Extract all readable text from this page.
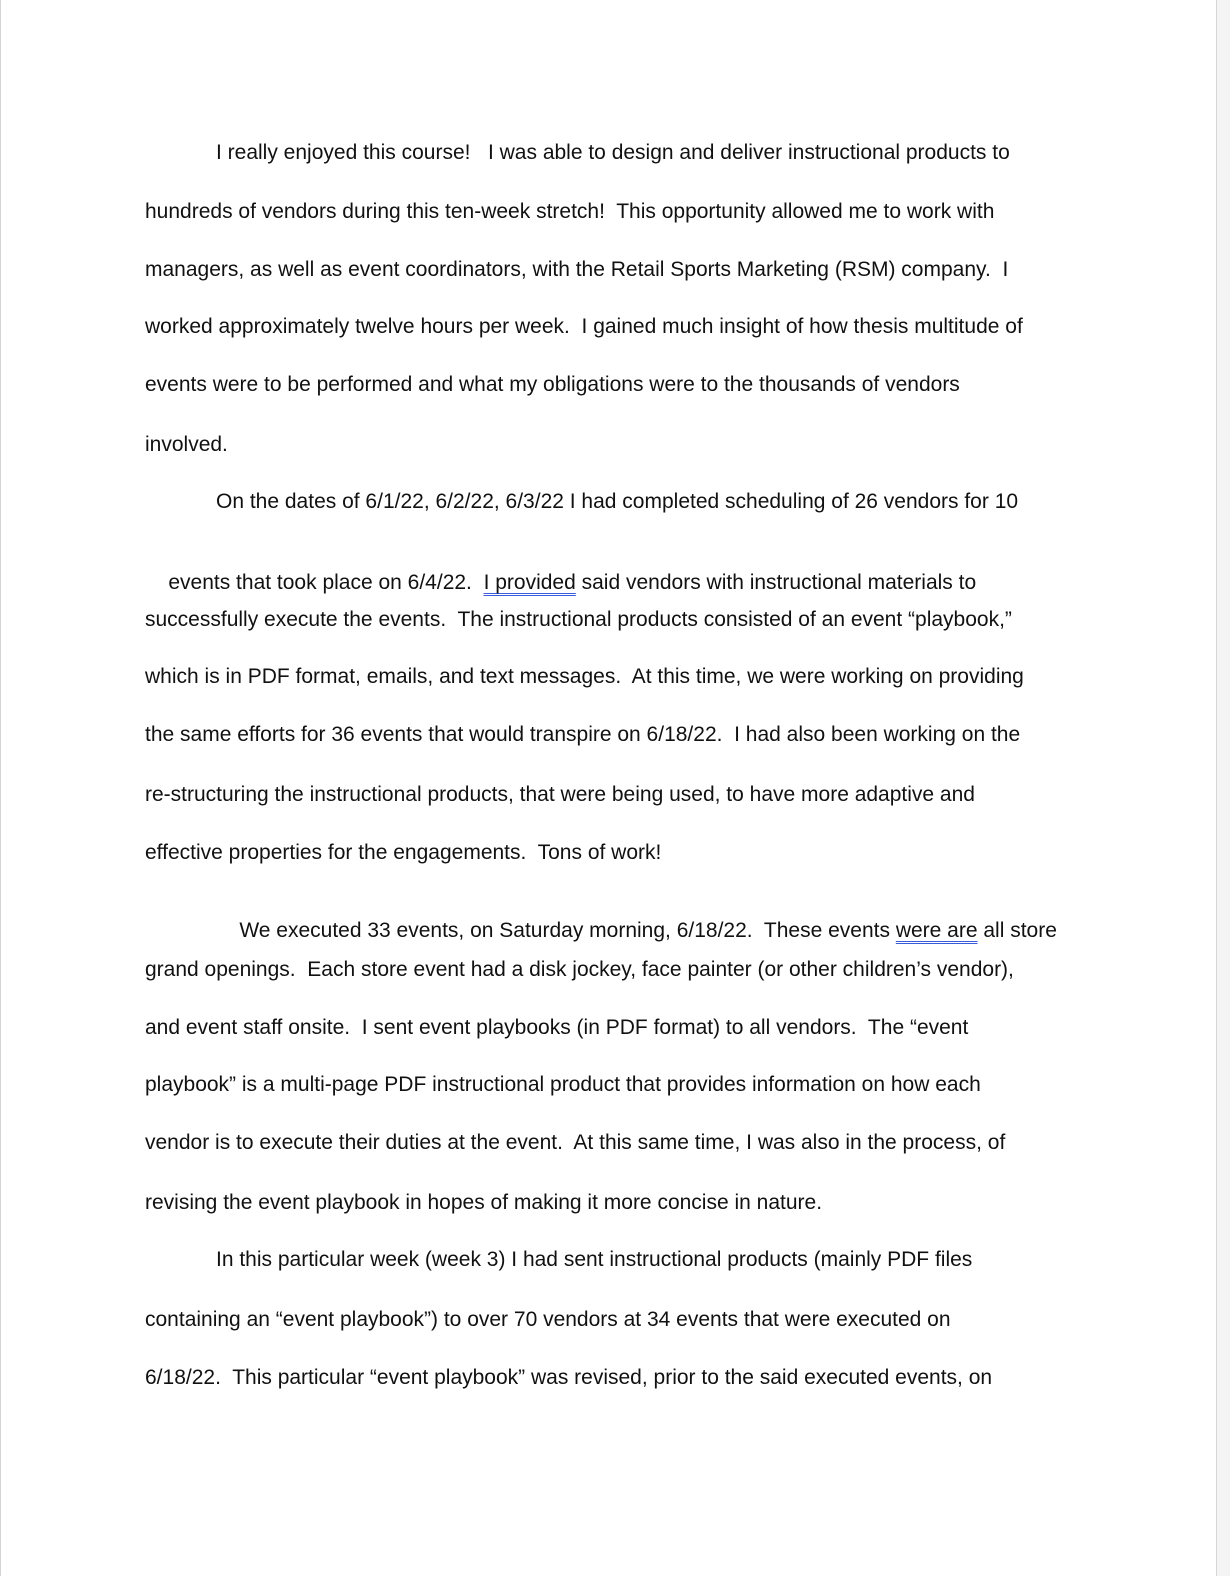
I really enjoyed this course!   I was able to design and deliver instructional products to
hundreds of vendors during this ten-week stretch!  This opportunity allowed me to work with
managers, as well as event coordinators, with the Retail Sports Marketing (RSM) company.  I
worked approximately twelve hours per week.  I gained much insight of how thesis multitude of
events were to be performed and what my obligations were to the thousands of vendors
involved.
On the dates of 6/1/22, 6/2/22, 6/3/22 I had completed scheduling of 26 vendors for 10

events that took place on 6/4/22.  I provided said vendors with instructional materials to

successfully execute the events.  The instructional products consisted of an event “playbook,”
which is in PDF format, emails, and text messages.  At this time, we were working on providing
the same efforts for 36 events that would transpire on 6/18/22.  I had also been working on the
re-structuring the instructional products, that were being used, to have more adaptive and
effective properties for the engagements.  Tons of work!

We executed 33 events, on Saturday morning, 6/18/22.  These events were are all store

grand openings.  Each store event had a disk jockey, face painter (or other children’s vendor),
and event staff onsite.  I sent event playbooks (in PDF format) to all vendors.  The “event
playbook” is a multi-page PDF instructional product that provides information on how each
vendor is to execute their duties at the event.  At this same time, I was also in the process, of
revising the event playbook in hopes of making it more concise in nature.
In this particular week (week 3) I had sent instructional products (mainly PDF files
containing an “event playbook”) to over 70 vendors at 34 events that were executed on
6/18/22.  This particular “event playbook” was revised, prior to the said executed events, on
